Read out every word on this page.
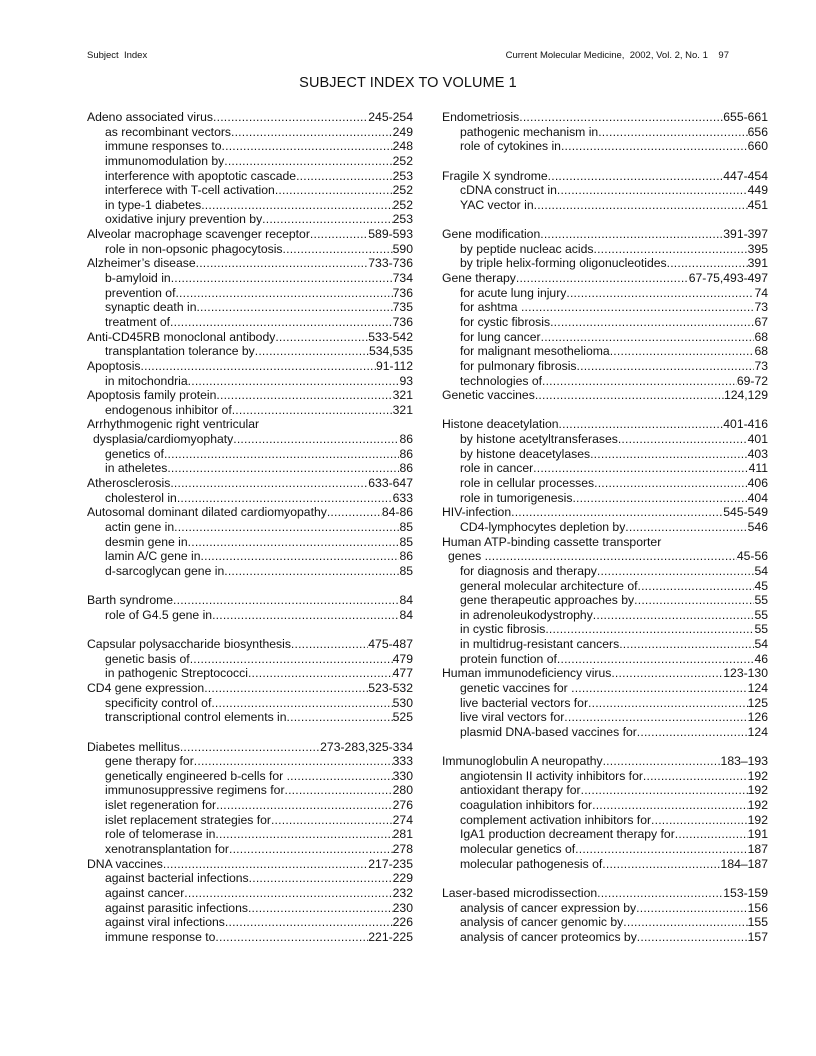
Subject  Index	Current Molecular Medicine,  2002, Vol. 2, No. 1    97
SUBJECT INDEX TO VOLUME 1
Adeno associated virus .....	245-254
as recombinant vectors .....	249
immune responses to .....	248
immunomodulation by .....	252
interference with apoptotic cascade .....	253
interferece with T-cell activation .....	252
in type-1 diabetes .....	252
oxidative injury prevention by .....	253
Alveolar macrophage scavenger receptor .....	589-593
role in non-opsonic phagocytosis .....	590
Alzheimer’s disease .....	733-736
b-amyloid in .....	734
prevention of .....	736
synaptic death in .....	735
treatment of .....	736
Anti-CD45RB monoclonal antibody .....	533-542
transplantation tolerance by .....	534,535
Apoptosis .....	91-112
in mitochondria .....	93
Apoptosis family protein .....	321
endogenous inhibitor of .....	321
Arrhythmogenic right ventricular
dysplasia/cardiomyophaty .....	86
genetics of .....	86
in atheletes .....	86
Atherosclerosis .....	633-647
cholesterol in .....	633
Autosomal dominant dilated cardiomyopathy .....	84-86
actin gene in .....	85
desmin gene in .....	85
lamin A/C gene in .....	86
d-sarcoglycan gene in .....	85
Barth syndrome .....	84
role of G4.5 gene in .....	84
Capsular polysaccharide biosynthesis .....	475-487
genetic basis of .....	479
in pathogenic Streptococci .....	477
CD4 gene expression .....	523-532
specificity control of .....	530
transcriptional control elements in .....	525
Diabetes mellitus .....	273-283,325-334
gene therapy for .....	333
genetically engineered b-cells for .....	330
immunosuppressive regimens for .....	280
islet regeneration for .....	276
islet replacement strategies for .....	274
role of telomerase in .....	281
xenotransplantation for .....	278
DNA vaccines .....	217-235
against bacterial infections .....	229
against cancer .....	232
against parasitic infections .....	230
against viral infections .....	226
immune response to .....	221-225
Endometriosis .....	655-661
pathogenic mechanism in .....	656
role of cytokines in .....	660
Fragile X syndrome .....	447-454
cDNA construct in .....	449
YAC vector in .....	451
Gene modification .....	391-397
by peptide nucleac acids .....	395
by triple helix-forming oligonucleotides .....	391
Gene therapy .....	67-75,493-497
for acute lung injury .....	74
for ashtma .....	73
for cystic fibrosis .....	67
for lung cancer .....	68
for malignant mesothelioma .....	68
for pulmonary fibrosis .....	73
technologies of .....	69-72
Genetic vaccines .....	124,129
Histone deacetylation .....	401-416
by histone acetyltransferases .....	401
by histone deacetylases .....	403
role in cancer .....	411
role in cellular processes .....	406
role in tumorigenesis .....	404
HIV-infection .....	545-549
CD4-lymphocytes depletion by .....	546
Human ATP-binding cassette transporter
genes .....	45-56
for diagnosis and therapy .....	54
general molecular architecture of .....	45
gene therapeutic approaches by .....	55
in adrenoleukodystrophy .....	55
in cystic fibrosis .....	55
in multidrug-resistant cancers .....	54
protein function of .....	46
Human immunodeficiency virus .....	123-130
genetic vaccines for .....	124
live bacterial vectors for .....	125
live viral vectors for .....	126
plasmid DNA-based vaccines for .....	124
Immunoglobulin A neuropathy .....	183–193
angiotensin II activity inhibitors for .....	192
antioxidant therapy for .....	192
coagulation inhibitors for .....	192
complement activation inhibitors for .....	192
IgA1 production decreament therapy for .....	191
molecular genetics of .....	187
molecular pathogenesis of .....	184–187
Laser-based microdissection .....	153-159
analysis of cancer expression by .....	156
analysis of cancer genomic by .....	155
analysis of cancer proteomics by .....	157
